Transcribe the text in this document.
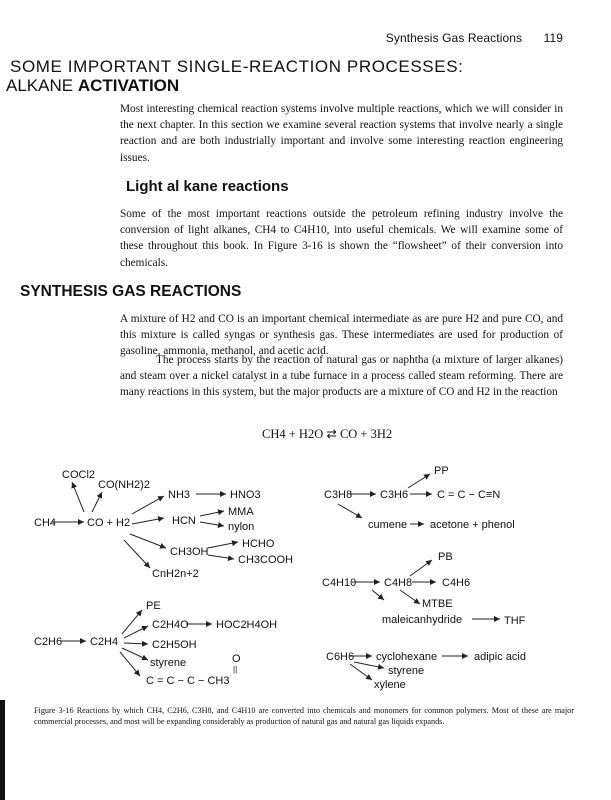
Synthesis Gas Reactions 119
SOME IMPORTANT SINGLE-REACTION PROCESSES:
ALKANE ACTIVATION
Most interesting chemical reaction systems involve multiple reactions, which we will consider in the next chapter. In this section we examine several reaction systems that involve nearly a single reaction and are both industrially important and involve some interesting reaction engineering issues.
Light al kane reactions
Some of the most important reactions outside the petroleum refining industry involve the conversion of light alkanes, CH4 to C4H10, into useful chemicals. We will examine some of these throughout this book. In Figure 3-16 is shown the “flowsheet” of their conversion into chemicals.
SYNTHESIS GAS REACTIONS
A mixture of H2 and CO is an important chemical intermediate as are pure H2 and pure CO, and this mixture is called syngas or synthesis gas. These intermediates are used for production of gasoline, ammonia, methanol, and acetic acid.
The process starts by the reaction of natural gas or naphtha (a mixture of larger alkanes) and steam over a nickel catalyst in a tube furnace in a process called steam reforming. There are many reactions in this system, but the major products are a mixture of CO and H2 in the reaction
CH4 + H2O ⇄ CO + 3H2
COCl2
CO(NH2)2
CH4	CO + H2
NH3	HNO3
MMA
HCN	nylon
HCHO
CH3OH
CH3COOH
CnH2n+2
PP
C3H8	C3H6	C = C − C≡N
cumene acetone + phenol
PB
C4H10	C4H8	C4H6
MTBE
maleicanhydride	THF
PE
C2H6	C2H4
C2H4O HOC2H4OH
C2H5OH
styrene	O
||
C = C − C − CH3
C6H6 cyclohexane	adipic acid
styrene
xylene
Figure 3-16 Reactions by which CH4, C2H6, C3H8, and C4H10 are converted into chemicals and monomers for common polymers. Most of these are major commercial processes, and most will be expanding considerably as production of natural gas and natural gas liquids expands.
